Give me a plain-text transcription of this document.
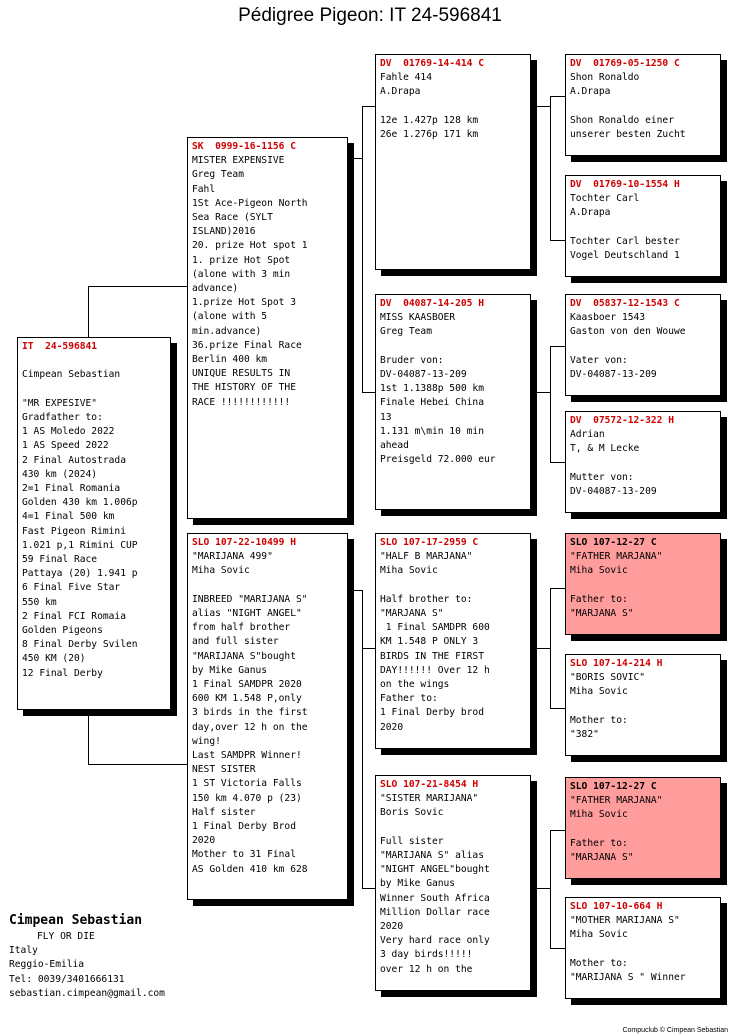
Pédigree Pigeon: IT 24-596841
IT  24-596841
Cimpean Sebastian
"MR EXPESIVE"
Gradfather to:
1 AS Moledo 2022
1 AS Speed 2022
2 Final Autostrada
430 km (2024)
2=1 Final Romania
Golden 430 km 1.006p
4=1 Final 500 km
Fast Pigeon Rimini
1.021 p,1 Rimini CUP
59 Final Race
Pattaya (20) 1.941 p
6 Final Five Star
550 km
2 Final FCI Romaia
Golden Pigeons
8 Final Derby Svilen
450 KM (20)
12 Final Derby
SK  0999-16-1156 C
MISTER EXPENSIVE
Greg Team
Fahl
1St Ace-Pigeon North
Sea Race (SYLT
ISLAND)2016
20. prize Hot spot 1
1. prize Hot Spot
(alone with 3 min
advance)
1.prize Hot Spot 3
(alone with 5
min.advance)
36.prize Final Race
Berlin 400 km
UNIQUE RESULTS IN
THE HISTORY OF THE
RACE !!!!!!!!!!!!
SLO 107-22-10499 H
"MARIJANA 499"
Miha Sovic
INBREED "MARIJANA S"
alias "NIGHT ANGEL"
from half brother
and full sister
"MARIJANA S"bought
by Mike Ganus
1 Final SAMDPR 2020
600 KM 1.548 P,only
3 birds in the first
day,over 12 h on the
wing!
Last SAMDPR Winner!
NEST SISTER
1 ST Victoria Falls
150 km 4.070 p (23)
Half sister
1 Final Derby Brod
2020
Mother to 31 Final
AS Golden 410 km 628
DV  01769-14-414 C
Fahle 414
A.Drapa
12e 1.427p 128 km
26e 1.276p 171 km
DV  04087-14-205 H
MISS KAASBOER
Greg Team
Bruder von:
DV-04087-13-209
1st 1.1388p 500 km
Finale Hebei China
13
1.131 m\min 10 min
ahead
Preisgeld 72.000 eur
SLO 107-17-2959 C
"HALF B MARJANA"
Miha Sovic
Half brother to:
"MARJANA S"
1 Final SAMDPR 600
KM 1.548 P ONLY 3
BIRDS IN THE FIRST
DAY!!!!!! Over 12 h
on the wings
Father to:
1 Final Derby brod
2020
SLO 107-21-8454 H
"SISTER MARIJANA"
Boris Sovic
Full sister
"MARIJANA S" alias
"NIGHT ANGEL"bought
by Mike Ganus
Winner South Africa
Million Dollar race
2020
Very hard race only
3 day birds!!!!!
over 12 h on the
DV  01769-05-1250 C
Shon Ronaldo
A.Drapa
Shon Ronaldo einer
unserer besten Zucht
DV  01769-10-1554 H
Tochter Carl
A.Drapa
Tochter Carl bester
Vogel Deutschland 1
DV  05837-12-1543 C
Kaasboer 1543
Gaston von den Wouwe
Vater von:
DV-04087-13-209
DV  07572-12-322 H
Adrian
T, & M Lecke
Mutter von:
DV-04087-13-209
SLO 107-12-27 C
"FATHER MARJANA"
Miha Sovic
Father to:
"MARJANA S"
SLO 107-14-214 H
"BORIS SOVIC"
Miha Sovic
Mother to:
"382"
SLO 107-12-27 C
"FATHER MARJANA"
Miha Sovic
Father to:
"MARJANA S"
SLO 107-10-664 H
"MOTHER MARIJANA S"
Miha Sovic
Mother to:
"MARIJANA S " Winner
Cimpean Sebastian
FLY OR DIE
Italy
Reggio-Emilia
Tel: 0039/3401666131
sebastian.cimpean@gmail.com
Compuclub © Cimpean Sebastian
